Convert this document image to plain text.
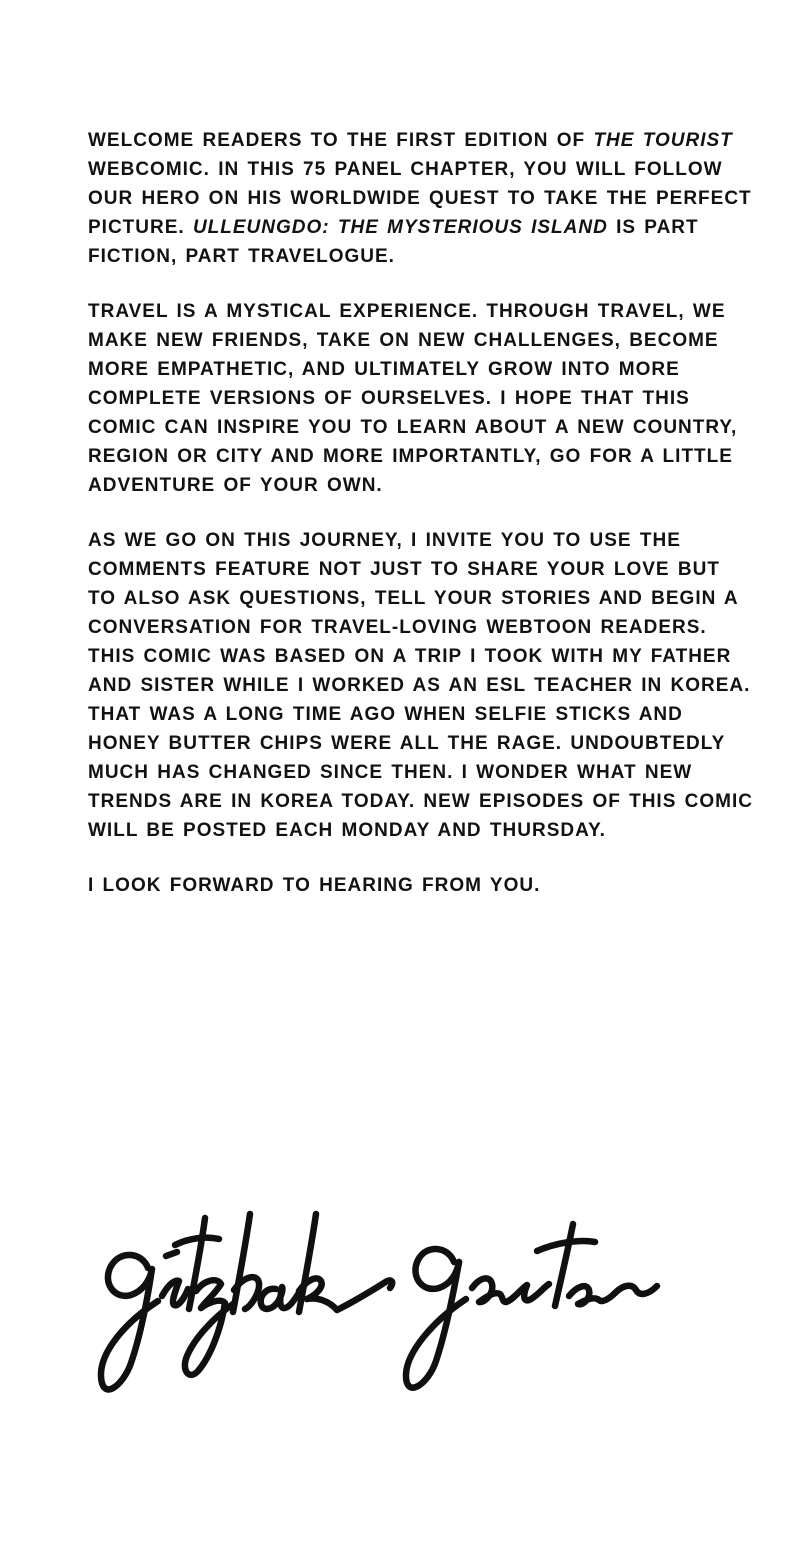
WELCOME READERS TO THE FIRST EDITION OF THE TOURIST WEBCOMIC. IN THIS 75 PANEL CHAPTER, YOU WILL FOLLOW OUR HERO ON HIS WORLDWIDE QUEST TO TAKE THE PERFECT PICTURE. ULLEUNGDO: THE MYSTERIOUS ISLAND IS PART FICTION, PART TRAVELOGUE.

TRAVEL IS A MYSTICAL EXPERIENCE. THROUGH TRAVEL, WE MAKE NEW FRIENDS, TAKE ON NEW CHALLENGES, BECOME MORE EMPATHETIC, AND ULTIMATELY GROW INTO MORE COMPLETE VERSIONS OF OURSELVES. I HOPE THAT THIS COMIC CAN INSPIRE YOU TO LEARN ABOUT A NEW COUNTRY, REGION OR CITY AND MORE IMPORTANTLY, GO FOR A LITTLE ADVENTURE OF YOUR OWN.

AS WE GO ON THIS JOURNEY, I INVITE YOU TO USE THE COMMENTS FEATURE NOT JUST TO SHARE YOUR LOVE BUT TO ALSO ASK QUESTIONS, TELL YOUR STORIES AND BEGIN A CONVERSATION FOR TRAVEL-LOVING WEBTOON READERS. THIS COMIC WAS BASED ON A TRIP I TOOK WITH MY FATHER AND SISTER WHILE I WORKED AS AN ESL TEACHER IN KOREA. THAT WAS A LONG TIME AGO WHEN SELFIE STICKS AND HONEY BUTTER CHIPS WERE ALL THE RAGE. UNDOUBTEDLY MUCH HAS CHANGED SINCE THEN. I WONDER WHAT NEW TRENDS ARE IN KOREA TODAY. NEW EPISODES OF THIS COMIC WILL BE POSTED EACH MONDAY AND THURSDAY.

I LOOK FORWARD TO HEARING FROM YOU.
